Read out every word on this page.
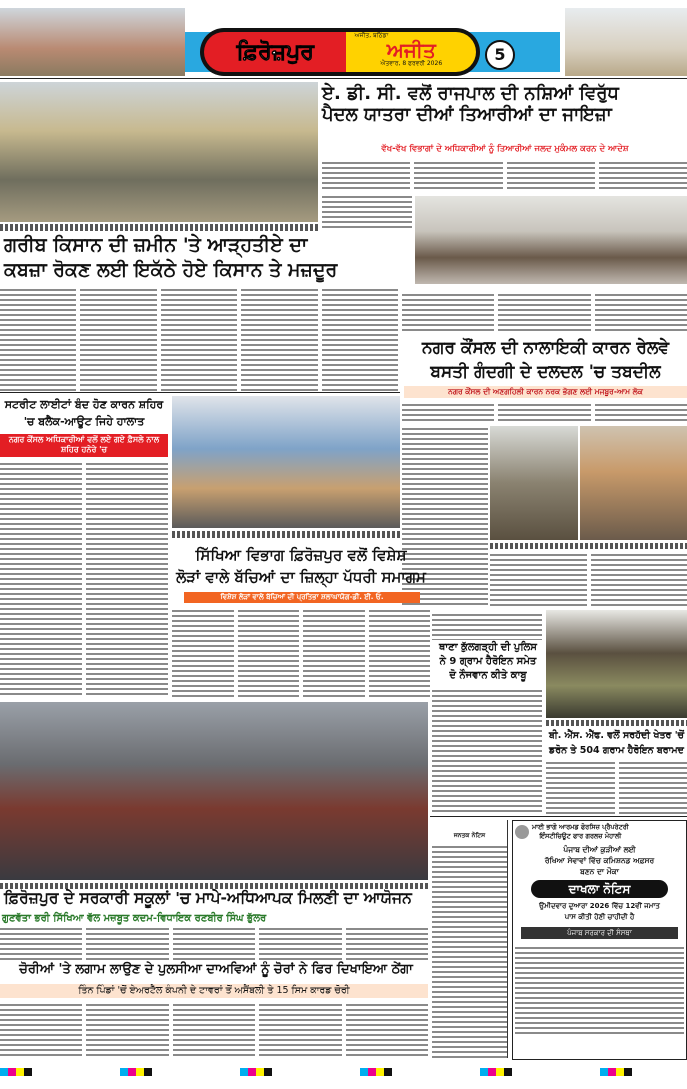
ਫ਼ਿਰੋਜ਼ਪੁਰ
ਅਜੀਤ, ਬਠਿੰਡਾ
ਅਜੀਤ
ਐਤਵਾਰ, 8 ਫਰਵਰੀ 2026	5
ਏ. ਡੀ. ਸੀ. ਵਲੋਂ ਰਾਜਪਾਲ ਦੀ ਨਸ਼ਿਆਂ ਵਿਰੁੱਧ
ਪੈਦਲ ਯਾਤਰਾ ਦੀਆਂ ਤਿਆਰੀਆਂ ਦਾ ਜਾਇਜ਼ਾ
ਵੱਖ-ਵੱਖ ਵਿਭਾਗਾਂ ਦੇ ਅਧਿਕਾਰੀਆਂ ਨੂੰ ਤਿਆਰੀਆਂ ਜਲਦ ਮੁਕੰਮਲ ਕਰਨ ਦੇ ਆਦੇਸ਼
ਗਰੀਬ ਕਿਸਾਨ ਦੀ ਜ਼ਮੀਨ 'ਤੇ ਆੜ੍ਹਤੀਏ ਦਾ
ਕਬਜ਼ਾ ਰੋਕਣ ਲਈ ਇਕੱਠੇ ਹੋਏ ਕਿਸਾਨ ਤੇ ਮਜ਼ਦੂਰ
ਨਗਰ ਕੌਂਸਲ ਦੀ ਨਾਲਾਇਕੀ ਕਾਰਨ ਰੇਲਵੇ
ਬਸਤੀ ਗੰਦਗੀ ਦੇ ਦਲਦਲ 'ਚ ਤਬਦੀਲ
ਨਗਰ ਕੌਂਸਲ ਦੀ ਅਣਗਹਿਲੀ ਕਾਰਨ ਨਰਕ ਭੋਗਣ ਲਈ ਮਜਬੂਰ-ਆਮ ਲੋਕ
ਸਟਰੀਟ ਲਾਈਟਾਂ ਬੰਦ ਹੋਣ ਕਾਰਨ ਸ਼ਹਿਰ
'ਚ ਬਲੈਕ-ਆਊਟ ਜਿਹੇ ਹਾਲਾਤ
ਨਗਰ ਕੌਂਸਲ ਅਧਿਕਾਰੀਆਂ ਵਲੋਂ ਲਏ ਗਏ ਫ਼ੈਸਲੇ ਨਾਲ ਸ਼ਹਿਰ ਹਨੇਰੇ 'ਚ
ਸਿੱਖਿਆ ਵਿਭਾਗ ਫ਼ਿਰੋਜ਼ਪੁਰ ਵਲੋਂ ਵਿਸ਼ੇਸ਼
ਲੋੜਾਂ ਵਾਲੇ ਬੱਚਿਆਂ ਦਾ ਜ਼ਿਲ੍ਹਾ ਪੱਧਰੀ ਸਮਾਗਮ
ਵਿਸ਼ੇਸ਼ ਲੋੜਾਂ ਵਾਲੇ ਬੱਚਿਆਂ ਦੀ ਪ੍ਰਤਿਭਾ ਸ਼ਲਾਘਾਯੋਗ-ਡੀ. ਈ. ਓ.
ਥਾਣਾ ਕੁੱਲਗੜ੍ਹੀ ਦੀ ਪੁਲਿਸ
ਨੇ 9 ਗ੍ਰਾਮ ਹੈਰੋਇਨ ਸਮੇਤ
ਦੋ ਨੌਜਵਾਨ ਕੀਤੇ ਕਾਬੂ
ਬੀ. ਐੱਸ. ਐੱਫ. ਵਲੋਂ ਸਰਹੱਦੀ ਖੇਤਰ 'ਚੋਂ
ਡਰੋਨ ਤੇ 504 ਗਰਾਮ ਹੈਰੋਇਨ ਬਰਾਮਦ
ਫ਼ਿਰੋਜ਼ਪੁਰ ਦੇ ਸਰਕਾਰੀ ਸਕੂਲਾਂ 'ਚ ਮਾਪੇ-ਅਧਿਆਪਕ ਮਿਲਣੀ ਦਾ ਆਯੋਜਨ
ਗੁਣਵੱਤਾ ਭਰੀ ਸਿੱਖਿਆ ਵੱਲ ਮਜ਼ਬੂਤ ਕਦਮ-ਵਿਧਾਇਕ ਰਣਬੀਰ ਸਿੰਘ ਭੁੱਲਰ
ਚੋਰੀਆਂ 'ਤੇ ਲਗਾਮ ਲਾਉਣ ਦੇ ਪੁਲਸੀਆ ਦਾਅਵਿਆਂ ਨੂੰ ਚੋਰਾਂ ਨੇ ਫਿਰ ਦਿਖਾਇਆ ਠੇਂਗਾ
ਤਿੰਨ ਪਿੰਡਾਂ 'ਚੋਂ ਏਅਰਟੈੱਲ ਕੰਪਨੀ ਦੇ ਟਾਵਰਾਂ ਤੋਂ ਅਸੈਂਬਲੀ ਤੇ 15 ਸਿਮ ਕਾਰਡ ਚੋਰੀ
ਜਨਤਕ ਨੋਟਿਸ
ਮਾਈ ਭਾਗੋ ਆਰਮਡ ਫੋਰਸਿਜ਼ ਪ੍ਰੈਪਰੇਟਰੀ
ਇੰਸਟੀਚਿਊਟ ਫਾਰ ਗਰਲਜ਼ ਮੋਹਾਲੀ
ਪੰਜਾਬ ਦੀਆਂ ਕੁੜੀਆਂ ਲਈ
ਰੱਖਿਆ ਸੇਵਾਵਾਂ ਵਿੱਚ ਕਮਿਸ਼ਨਡ ਅਫ਼ਸਰ
ਬਣਨ ਦਾ ਮੌਕਾ
ਦਾਖਲਾ ਨੋਟਿਸ
ਉਮੀਦਵਾਰ ਦੁਆਰਾ 2026 ਵਿੱਚ 12ਵੀਂ ਜਮਾਤ
ਪਾਸ ਕੀਤੀ ਹੋਣੀ ਚਾਹੀਦੀ ਹੈ
ਪੰਜਾਬ ਸਰਕਾਰ ਦੀ ਸੰਸਥਾ
